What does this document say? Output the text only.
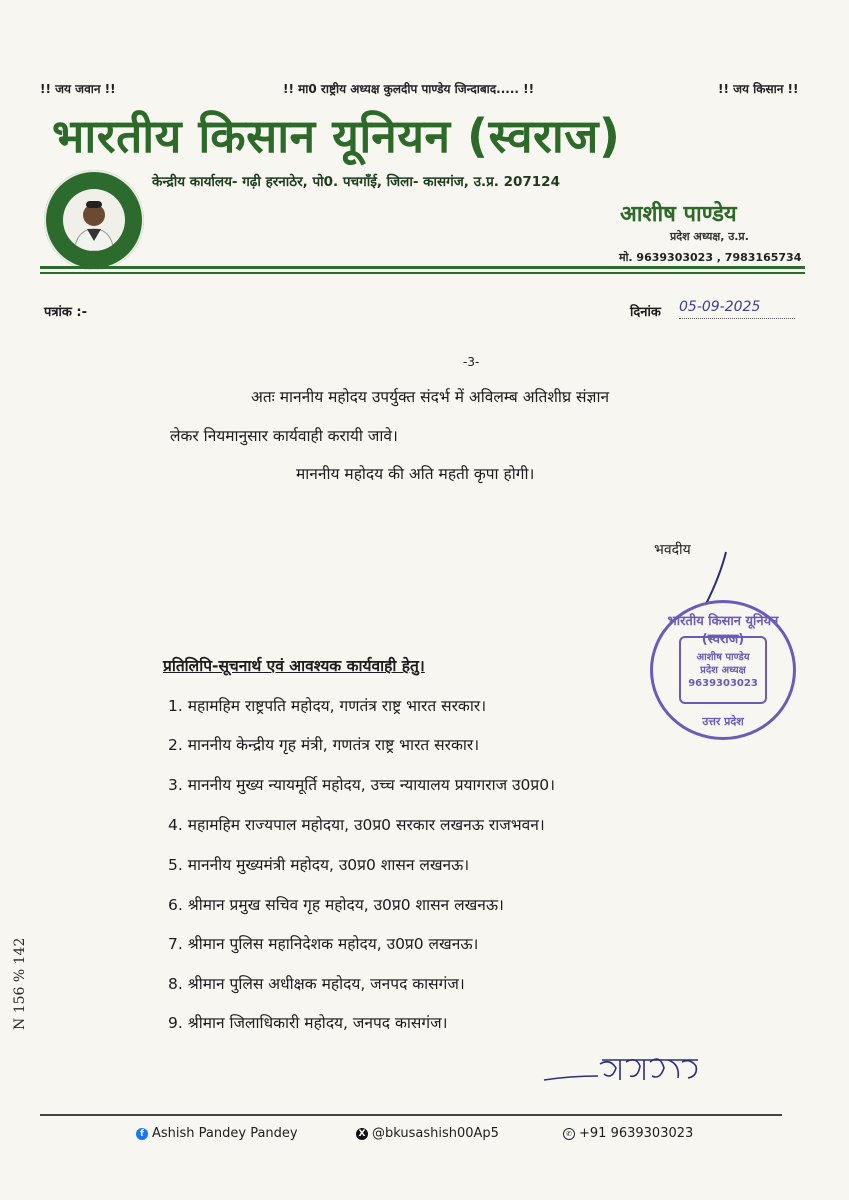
!! जय जवान !!	!! मा0 राष्ट्रीय अध्यक्ष कुलदीप पाण्डेय जिन्दाबाद..... !!	!! जय किसान !!
भारतीय किसान यूनियन (स्वराज)
केन्द्रीय कार्यालय- गढ़ी हरनाठेर, पो0. पचगाँई, जिला- कासगंज, उ.प्र. 207124
आशीष पाण्डेय
प्रदेश अध्यक्ष, उ.प्र.
मो. 9639303023 , 7983165734
पत्रांक :-	दिनांक 05-09-2025
-3-
अतः माननीय महोदय उपर्युक्त संदर्भ में अविलम्ब अतिशीघ्र संज्ञान
लेकर नियमानुसार कार्यवाही करायी जावे।
माननीय महोदय की अति महती कृपा होगी।
भवदीय
भारतीय किसान यूनियन (स्वराज)
आशीष पाण्डेय
प्रदेश अध्यक्ष
9639303023
उत्तर प्रदेश
प्रतिलिपि-सूचनार्थ एवं आवश्यक कार्यवाही हेतु।
1. महामहिम राष्ट्रपति महोदय, गणतंत्र राष्ट्र भारत सरकार।
2. माननीय केन्द्रीय गृह मंत्री, गणतंत्र राष्ट्र भारत सरकार।
3. माननीय मुख्य न्यायमूर्ति महोदय, उच्च न्यायालय प्रयागराज उ0प्र0।
4. महामहिम राज्यपाल महोदया, उ0प्र0 सरकार लखनऊ राजभवन।
5. माननीय मुख्यमंत्री महोदय, उ0प्र0 शासन लखनऊ।
6. श्रीमान प्रमुख सचिव गृह महोदय, उ0प्र0 शासन लखनऊ।
7. श्रीमान पुलिस महानिदेशक महोदय, उ0प्र0 लखनऊ।
8. श्रीमान पुलिस अधीक्षक महोदय, जनपद कासगंज।
9. श्रीमान जिलाधिकारी महोदय, जनपद कासगंज।
N 156 % 142
f Ashish Pandey Pandey	X @bkusashish00Ap5	✆ +91 9639303023
